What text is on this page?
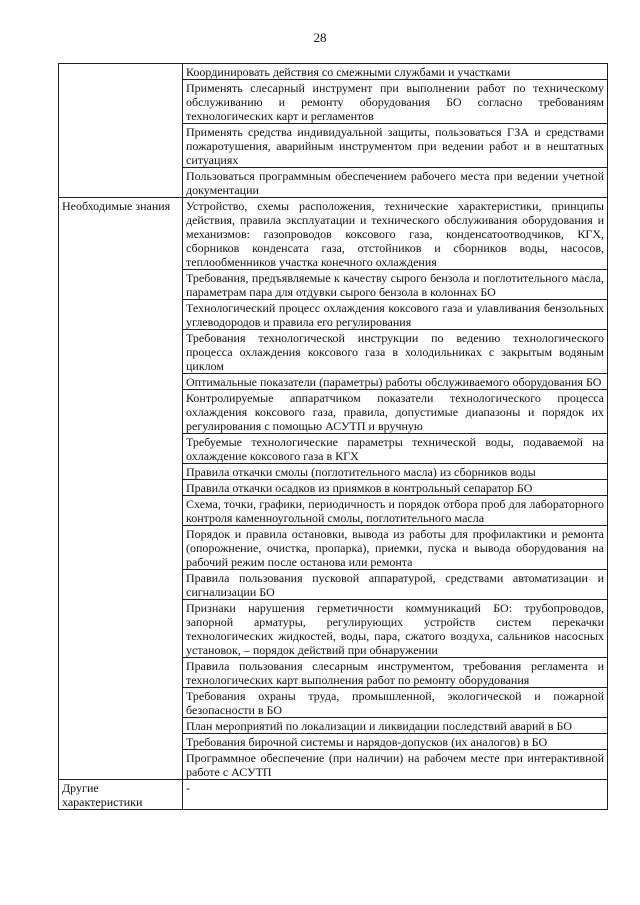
28
	Координировать действия со смежными службами и участками
	Применять слесарный инструмент при выполнении работ по техническому обслуживанию и ремонту оборудования БО согласно требованиям технологических карт и регламентов
	Применять средства индивидуальной защиты, пользоваться ГЗА и средствами пожаротушения, аварийным инструментом при ведении работ и в нештатных ситуациях
	Пользоваться программным обеспечением рабочего места при ведении учетной документации
Необходимые знания	Устройство, схемы расположения, технические характеристики, принципы действия, правила эксплуатации и технического обслуживания оборудования и механизмов: газопроводов коксового газа, конденсатоотводчиков, КГХ, сборников конденсата газа, отстойников и сборников воды, насосов, теплообменников участка конечного охлаждения
	Требования, предъявляемые к качеству сырого бензола и поглотительного масла, параметрам пара для отдувки сырого бензола в колоннах БО
	Технологический процесс охлаждения коксового газа и улавливания бензольных углеводородов и правила его регулирования
	Требования технологической инструкции по ведению технологического процесса охлаждения коксового газа в холодильниках с закрытым водяным циклом
	Оптимальные показатели (параметры) работы обслуживаемого оборудования БО
	Контролируемые аппаратчиком показатели технологического процесса охлаждения коксового газа, правила, допустимые диапазоны и порядок их регулирования с помощью АСУТП и вручную
	Требуемые технологические параметры технической воды, подаваемой на охлаждение коксового газа в КГХ
	Правила откачки смолы (поглотительного масла) из сборников воды
	Правила откачки осадков из приямков в контрольный сепаратор БО
	Схема, точки, графики, периодичность и порядок отбора проб для лабораторного контроля каменноугольной смолы, поглотительного масла
	Порядок и правила остановки, вывода из работы для профилактики и ремонта (опорожнение, очистка, пропарка), приемки, пуска и вывода оборудования на рабочий режим после останова или ремонта
	Правила пользования пусковой аппаратурой, средствами автоматизации и сигнализации БО
	Признаки нарушения герметичности коммуникаций БО: трубопроводов, запорной арматуры, регулирующих устройств систем перекачки технологических жидкостей, воды, пара, сжатого воздуха, сальников насосных установок, – порядок действий при обнаружении
	Правила пользования слесарным инструментом, требования регламента и технологических карт выполнения работ по ремонту оборудования
	Требования охраны труда, промышленной, экологической и пожарной безопасности в БО
	План мероприятий по локализации и ликвидации последствий аварий в БО
	Требования бирочной системы и нарядов-допусков (их аналогов) в БО
	Программное обеспечение (при наличии) на рабочем месте при интерактивной работе с АСУТП
Другие характеристики	-
